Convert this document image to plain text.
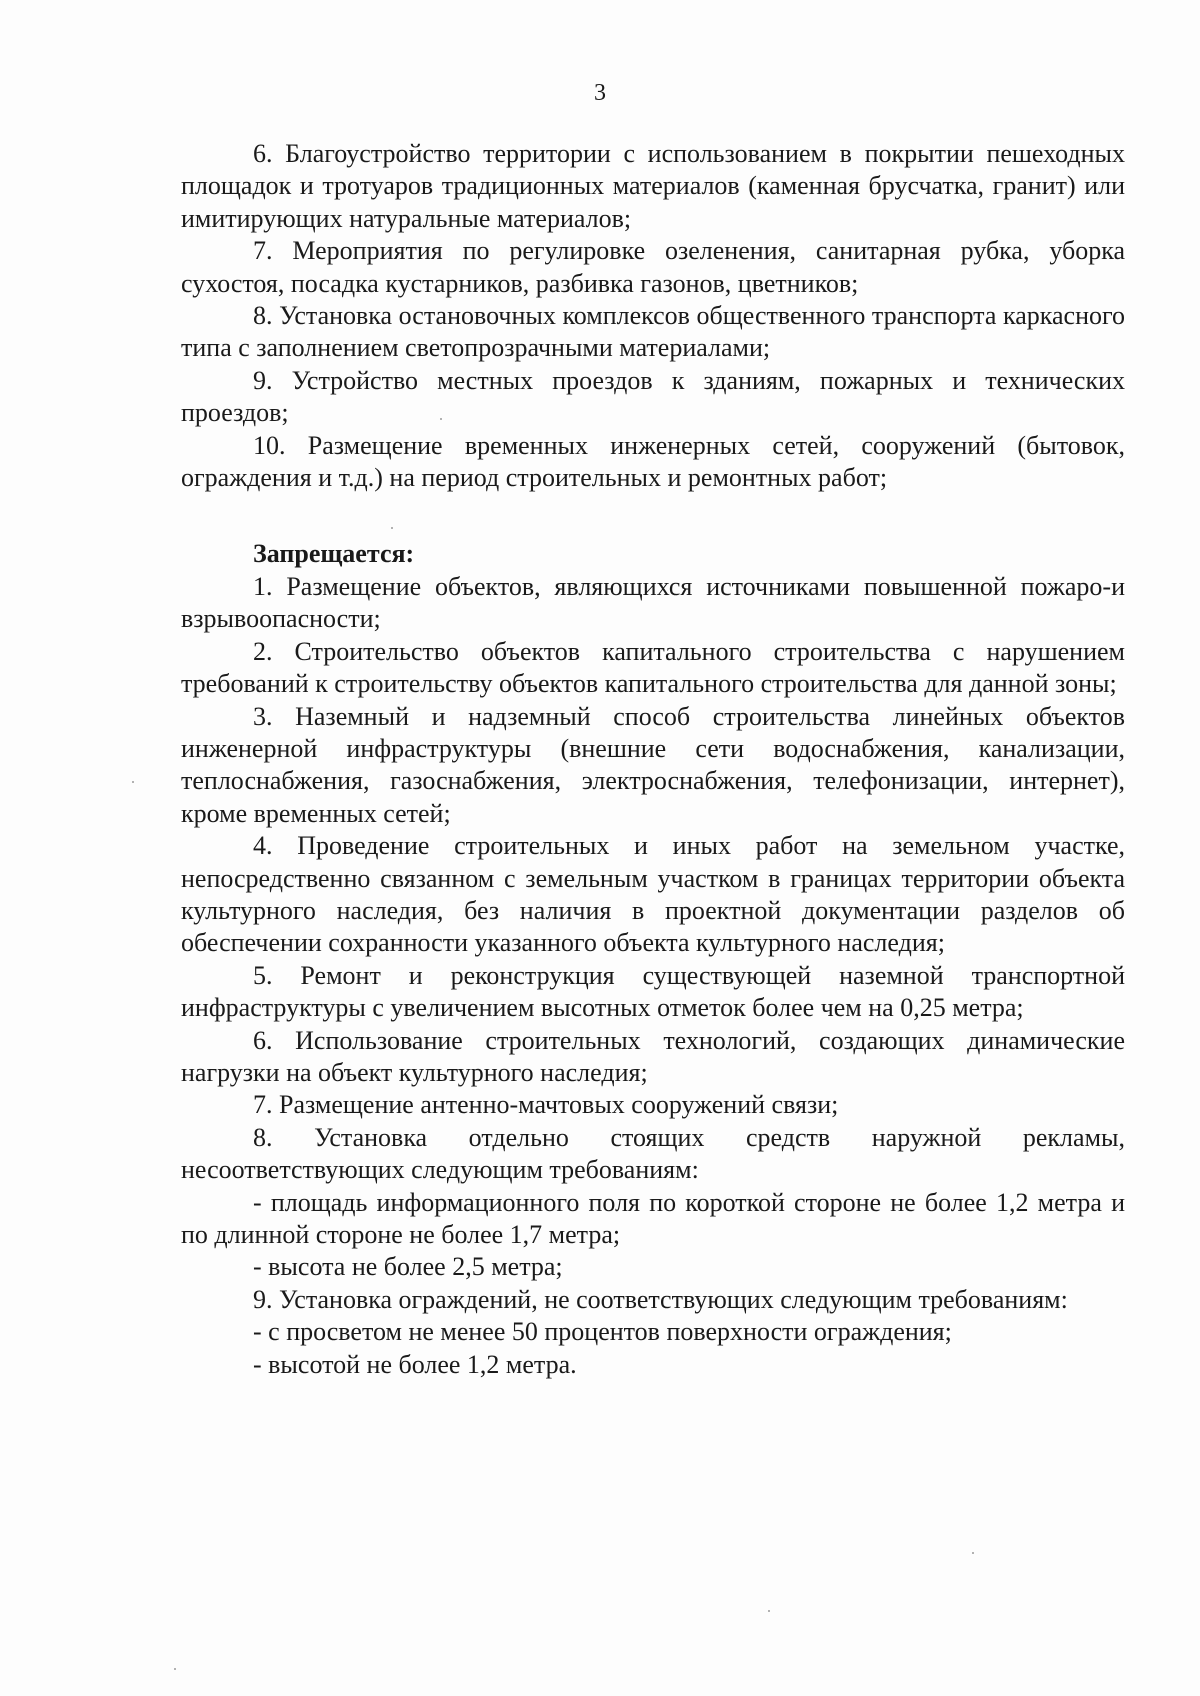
3

6. Благоустройство территории с использованием в покрытии пешеходных площадок и тротуаров традиционных материалов (каменная брусчатка, гранит) или имитирующих натуральные материалов;

7. Мероприятия по регулировке озеленения, санитарная рубка, уборка сухостоя, посадка кустарников, разбивка газонов, цветников;

8. Установка остановочных комплексов общественного транспорта каркасного типа с заполнением светопрозрачными материалами;

9. Устройство местных проездов к зданиям, пожарных и технических проездов;

10. Размещение временных инженерных сетей, сооружений (бытовок, ограждения и т.д.) на период строительных и ремонтных работ;

Запрещается:

1. Размещение объектов, являющихся источниками повышенной пожаро-и взрывоопасности;

2. Строительство объектов капитального строительства с нарушением требований к строительству объектов капитального строительства для данной зоны;

3. Наземный и надземный способ строительства линейных объектов инженерной инфраструктуры (внешние сети водоснабжения, канализации, теплоснабжения, газоснабжения, электроснабжения, телефонизации, интернет), кроме временных сетей;

4. Проведение строительных и иных работ на земельном участке, непосредственно связанном с земельным участком в границах территории объекта культурного наследия, без наличия в проектной документации разделов об обеспечении сохранности указанного объекта культурного наследия;

5. Ремонт и реконструкция существующей наземной транспортной инфраструктуры с увеличением высотных отметок более чем на 0,25 метра;

6. Использование строительных технологий, создающих динамические нагрузки на объект культурного наследия;

7. Размещение антенно-мачтовых сооружений связи;

8. Установка отдельно стоящих средств наружной рекламы, несоответствующих следующим требованиям:

- площадь информационного поля по короткой стороне не более 1,2 метра и по длинной стороне не более 1,7 метра;

- высота не более 2,5 метра;

9. Установка ограждений, не соответствующих следующим требованиям:

- с просветом не менее 50 процентов поверхности ограждения;

- высотой не более 1,2 метра.
